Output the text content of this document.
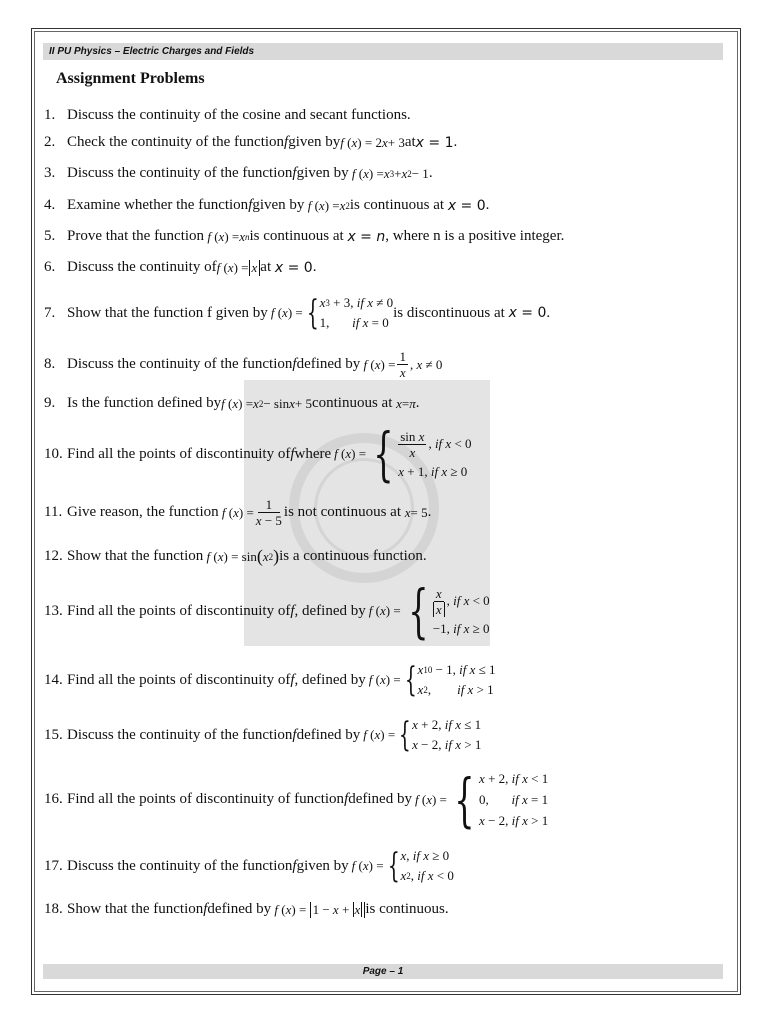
II PU Physics – Electric Charges and Fields
Assignment Problems
1. Discuss the continuity of the cosine and secant functions.
2. Check the continuity of the function f given by f ( x ) = 2 x + 3 at x = 1 .
3. Discuss the continuity of the function f given by f ( x ) = x 3 + x 2 − 1 .
4. Examine whether the function f given by f ( x ) = x 2 is continuous at
x = 0 .
5. Prove that the function f ( x ) = x n is continuous at
x = n , where n is a positive integer.
6. Discuss the continuity of f ( x ) = x at
x = 0 .
7. Show that the function f given by f ( x ) = { x 3 + 3, if x ≠ 0
1, if x = 0
is discontinuous at
x = 0 .
8. Discuss the continuity of the function f defined by f ( x ) = $\frac{1}{x}$ , x ≠ 0
9. Is the function defined by f ( x ) = x 2 − sin x + 5 continuous at
x = π .
10. Find all the points of discontinuity of f where f ( x ) = { $\frac{\text{sin x}}{x}$ , if x < 0
x + 1, if x ≥ 0
11. Give reason, the function f ( x ) = $\frac{1}{x - 5}$ is not continuous at
x = 5 .
12. Show that the function f ( x ) = sin ( x 2 ) is a continuous function.
13. Find all the points of discontinuity of f , defined by f ( x ) = { $\frac{x}{x}$ , if x < 0
−1, if x ≥ 0
14. Find all the points of discontinuity of f , defined by f ( x ) = { x 10 − 1, if x ≤ 1
x 2 , if x > 1
15. Discuss the continuity of the function f defined by f ( x ) = { x + 2, if x ≤ 1
x − 2, if x > 1
16. Find all the points of discontinuity of function f defined by f ( x ) = { x + 2, if x < 1
0, if x = 1
x − 2, if x > 1
17. Discuss the continuity of the function f given by f ( x ) = { x , if x ≥ 0
x 2 , if x < 0
18. Show that the function f defined by f ( x ) = 1 − x + x is continuous.
Page – 1
